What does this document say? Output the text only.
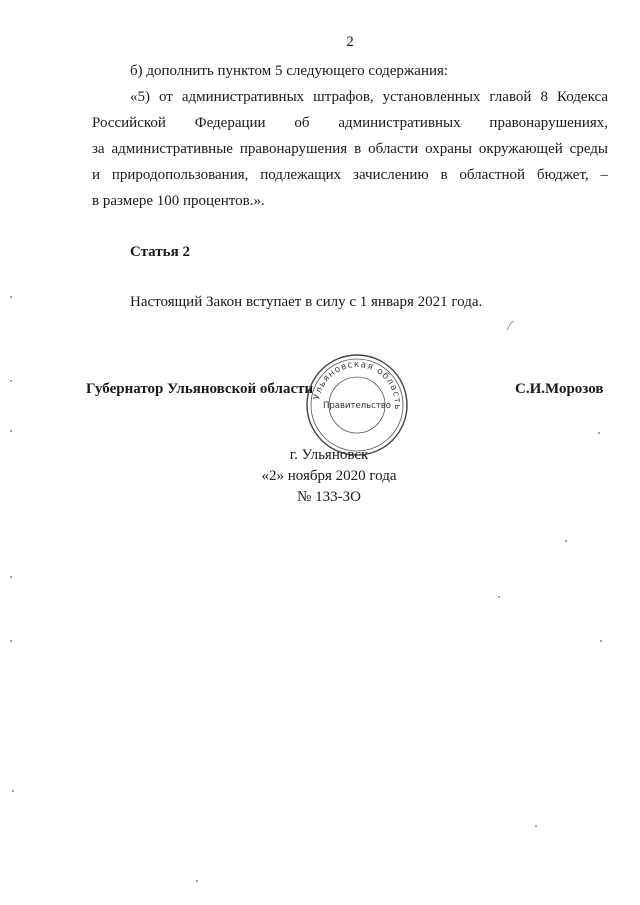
2
б) дополнить пунктом 5 следующего содержания:
«5) от административных штрафов, установленных главой 8 Кодекса
Российской Федерации об административных правонарушениях,
за административные правонарушения в области охраны окружающей среды
и природопользования, подлежащих зачислению в областной бюджет, –
в размере 100 процентов.».
Статья 2
Настоящий Закон вступает в силу с 1 января 2021 года.
Губернатор Ульяновской области	С.И.Морозов
Ульяновская область
Правительство
г. Ульяновск
«2» ноября 2020 года
№ 133-ЗО
